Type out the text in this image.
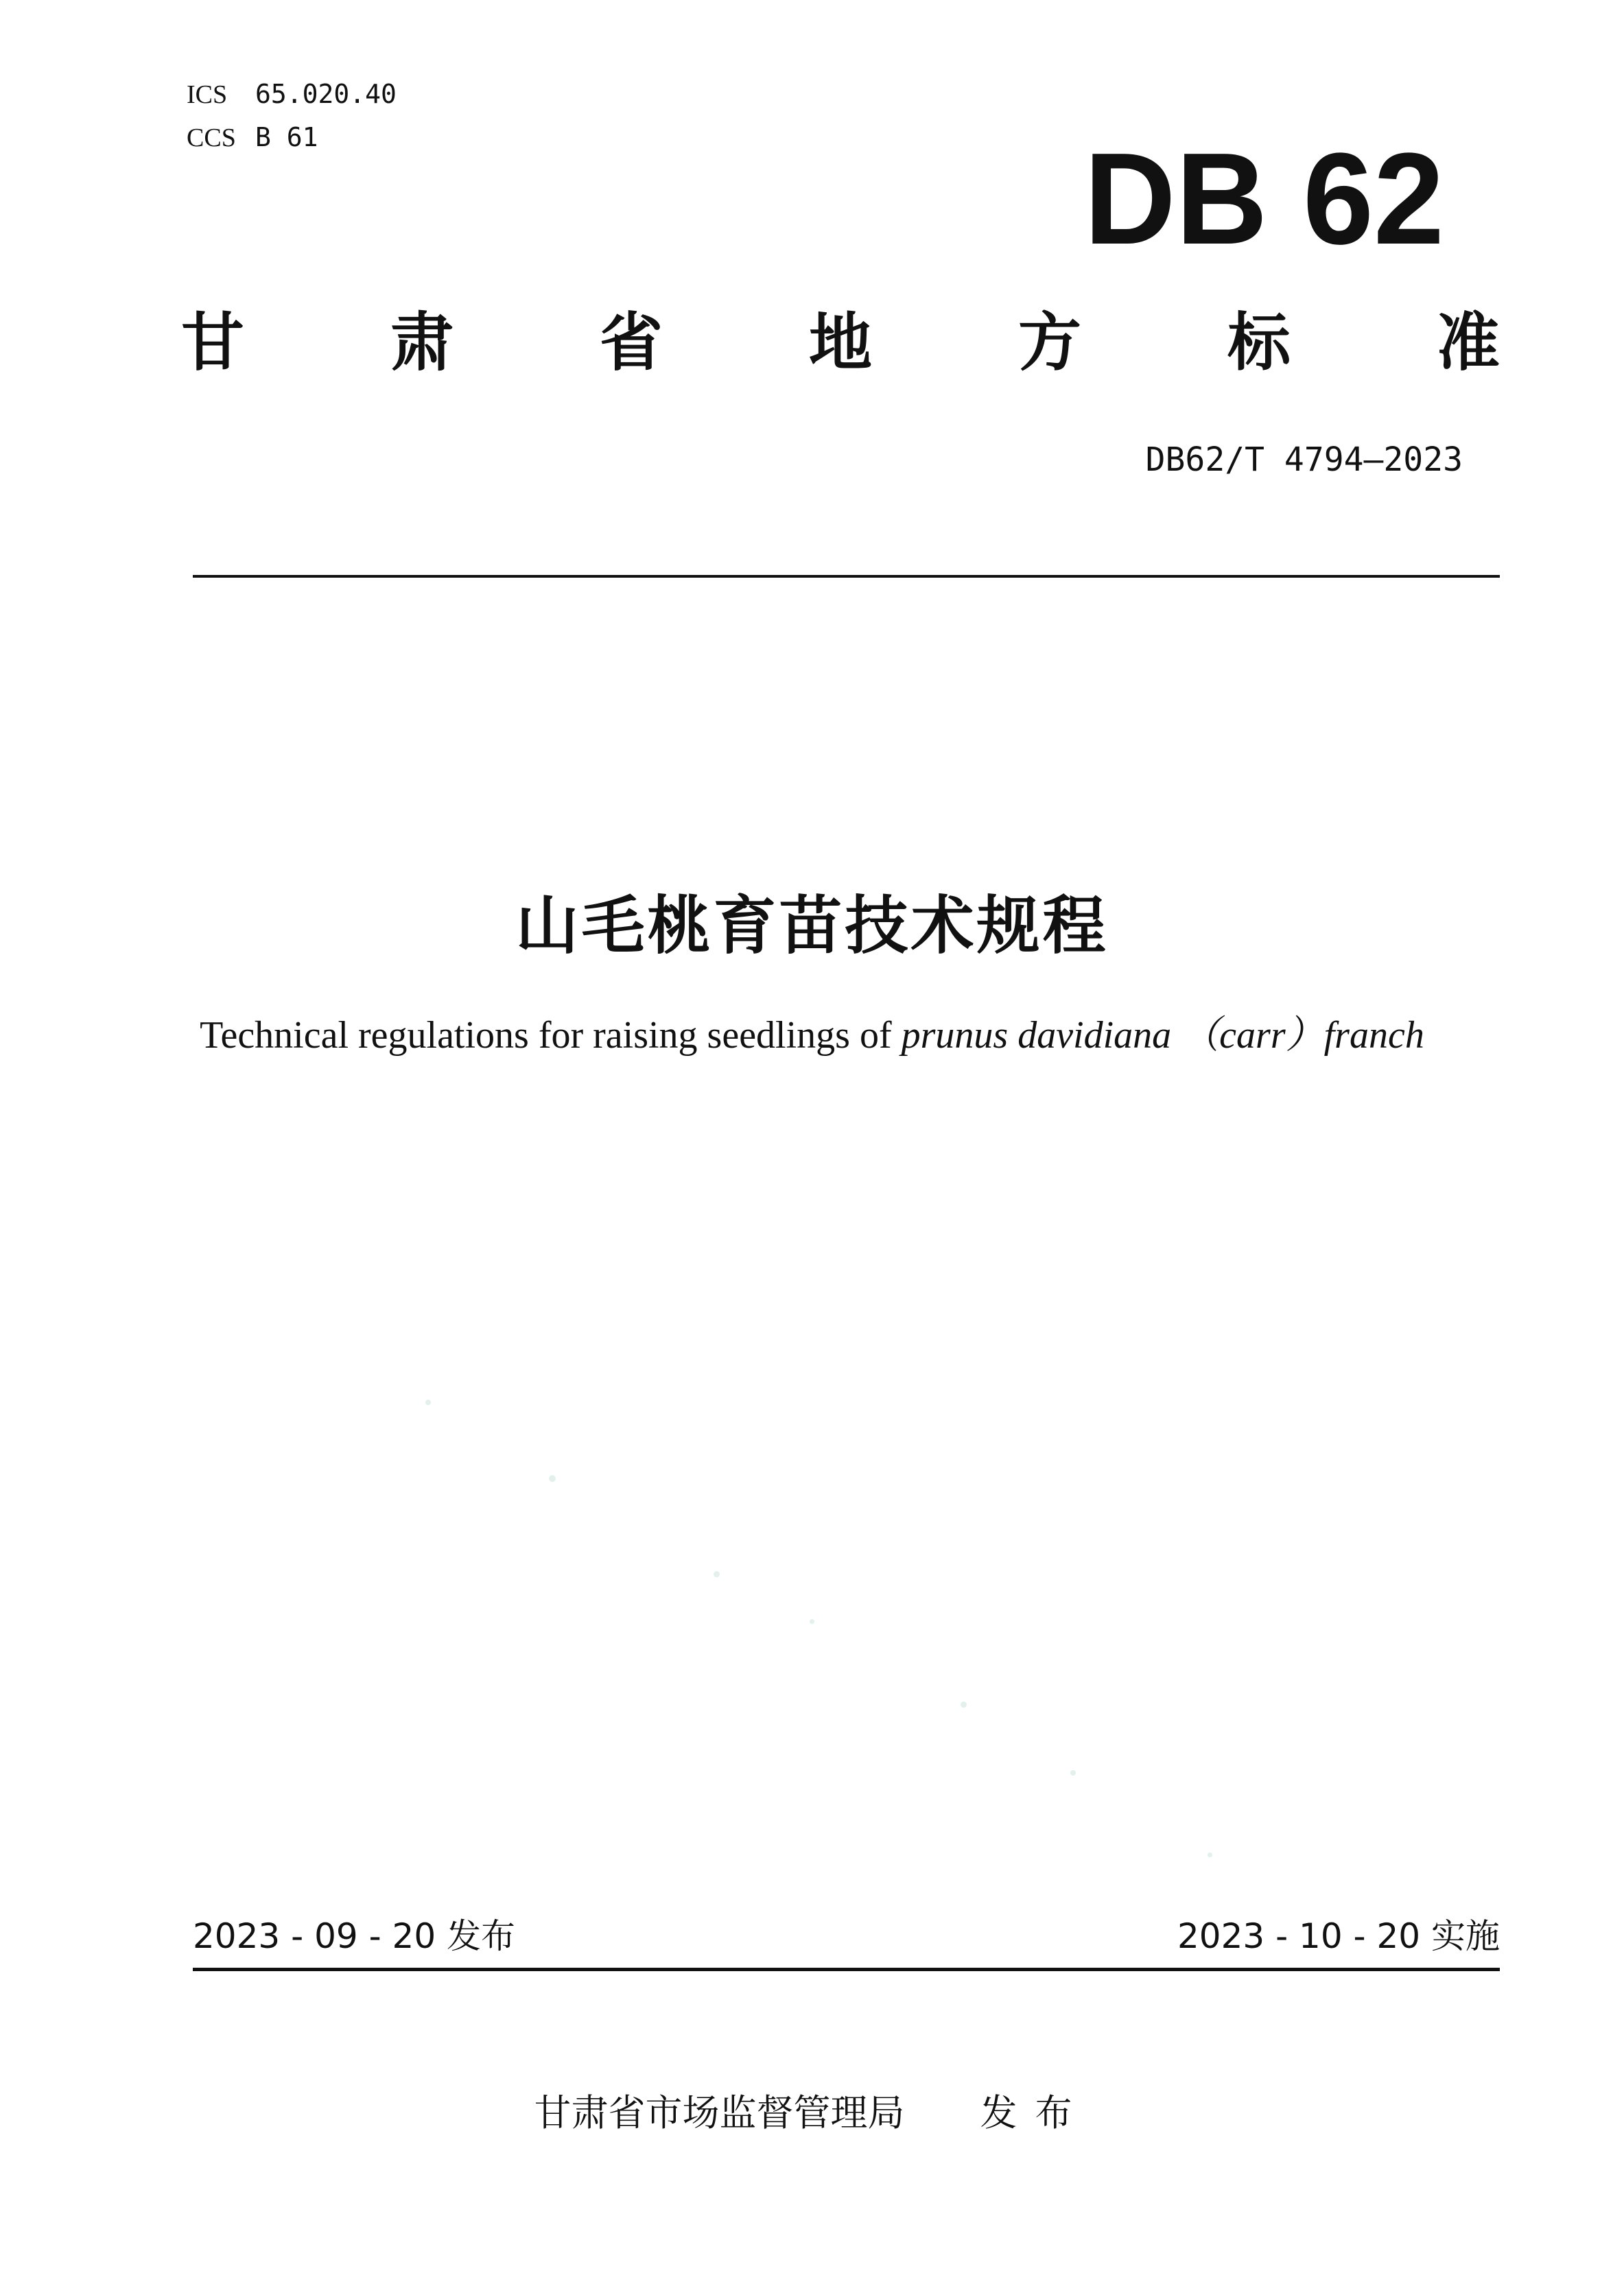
ICS 65.020.40
CCS B 61	DB 62
甘 肃 省 地 方 标 准
DB62/T 4794—2023
山毛桃育苗技术规程
Technical regulations for raising seedlings of prunus davidiana （carr）franch
2023 - 09 - 20 发布	2023 - 10 - 20 实施
甘肃省市场监督管理局 发布
